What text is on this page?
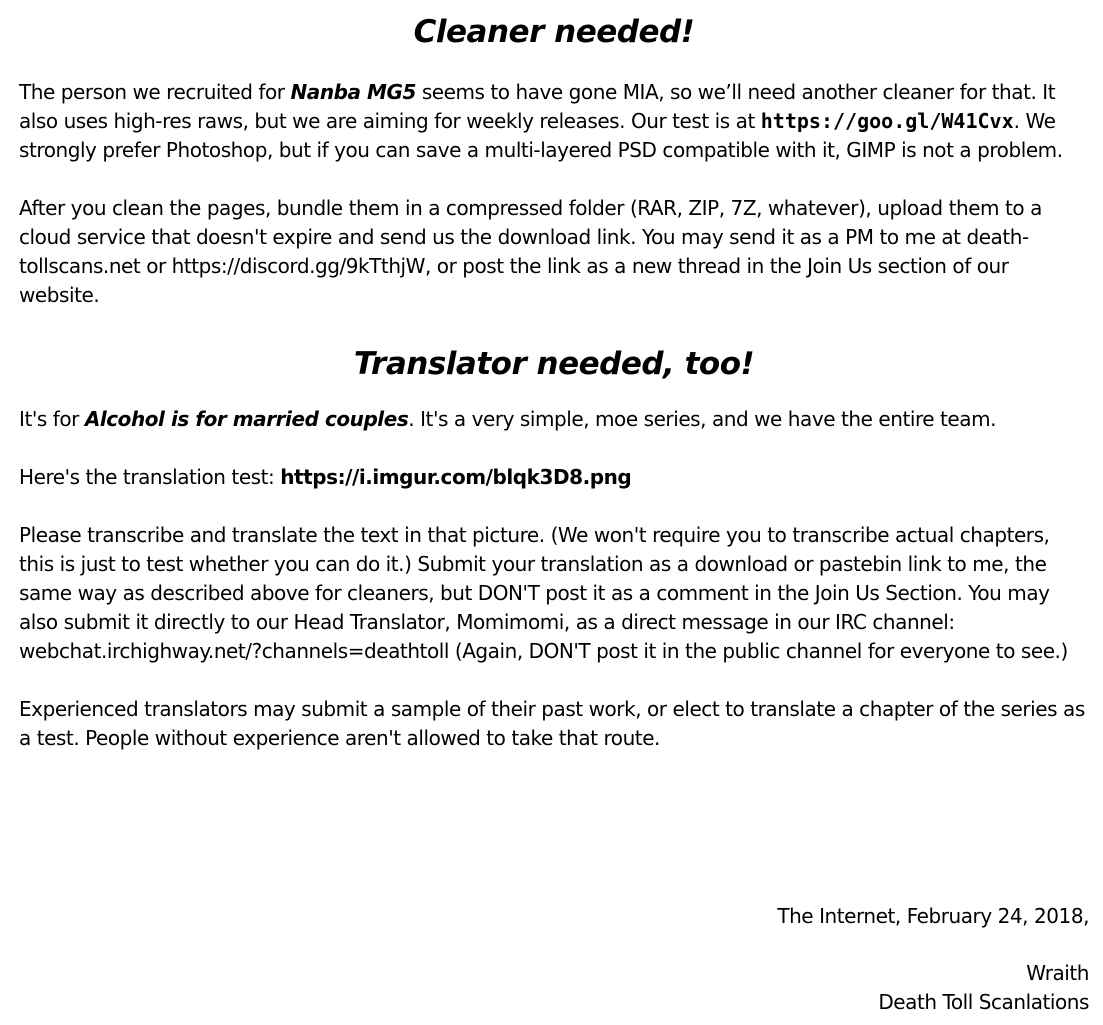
Cleaner needed!

The person we recruited for Nanba MG5 seems to have gone MIA, so we’ll need another cleaner for that. It also uses high-res raws, but we are aiming for weekly releases. Our test is at https://goo.gl/W41Cvx. We strongly prefer Photoshop, but if you can save a multi-layered PSD compatible with it, GIMP is not a problem.

After you clean the pages, bundle them in a compressed folder (RAR, ZIP, 7Z, whatever), upload them to a cloud service that doesn't expire and send us the download link. You may send it as a PM to me at deathtollscans.net or https://discord.gg/9kTthjW, or post the link as a new thread in the Join Us section of our website.

Translator needed, too!

It's for Alcohol is for married couples. It's a very simple, moe series, and we have the entire team.

Here's the translation test: https://i.imgur.com/blqk3D8.png

Please transcribe and translate the text in that picture. (We won't require you to transcribe actual chapters, this is just to test whether you can do it.) Submit your translation as a download or pastebin link to me, the same way as described above for cleaners, but DON'T post it as a comment in the Join Us Section. You may also submit it directly to our Head Translator, Momimomi, as a direct message in our IRC channel: webchat.irchighway.net/?channels=deathtoll (Again, DON'T post it in the public channel for everyone to see.)

Experienced translators may submit a sample of their past work, or elect to translate a chapter of the series as a test. People without experience aren't allowed to take that route.

The Internet, February 24, 2018,
Wraith
Death Toll Scanlations
